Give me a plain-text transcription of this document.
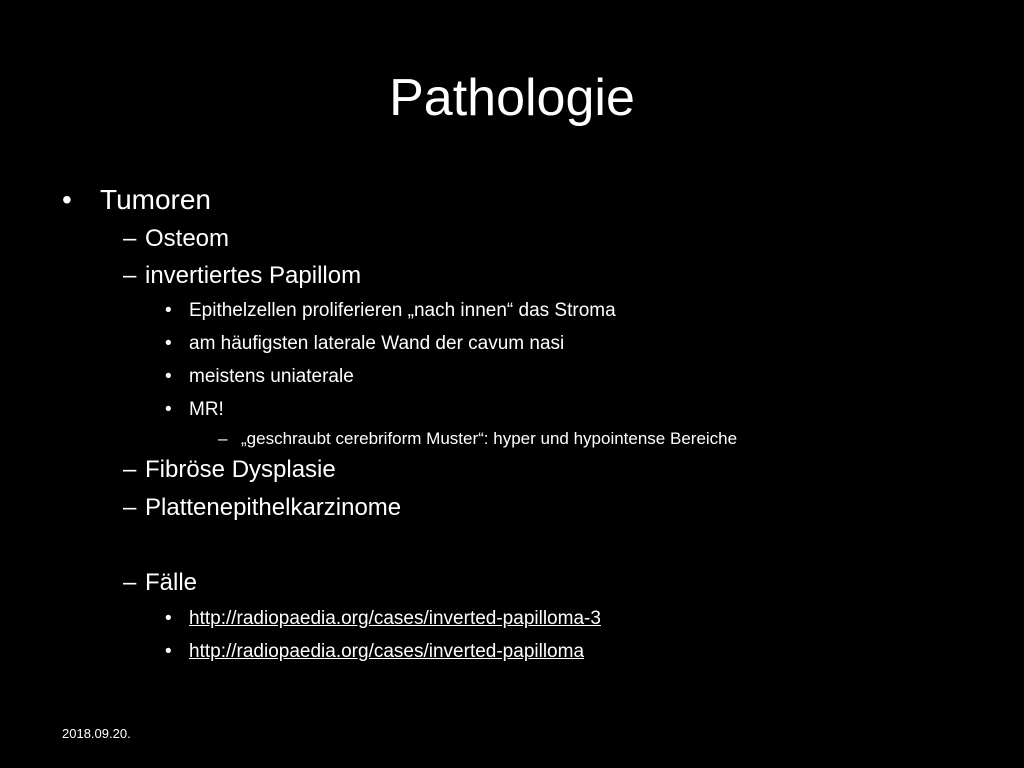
Pathologie
• Tumoren
– Osteom
– invertiertes Papillom
• Epithelzellen proliferieren „nach innen“ das Stroma
• am häufigsten laterale Wand der cavum nasi
• meistens uniaterale
• MR!
– „geschraubt cerebriform Muster“: hyper und hypointense Bereiche
– Fibröse Dysplasie
– Plattenepithelkarzinome
– Fälle
• http://radiopaedia.org/cases/inverted-papilloma-3
• http://radiopaedia.org/cases/inverted-papilloma
2018.09.20.
